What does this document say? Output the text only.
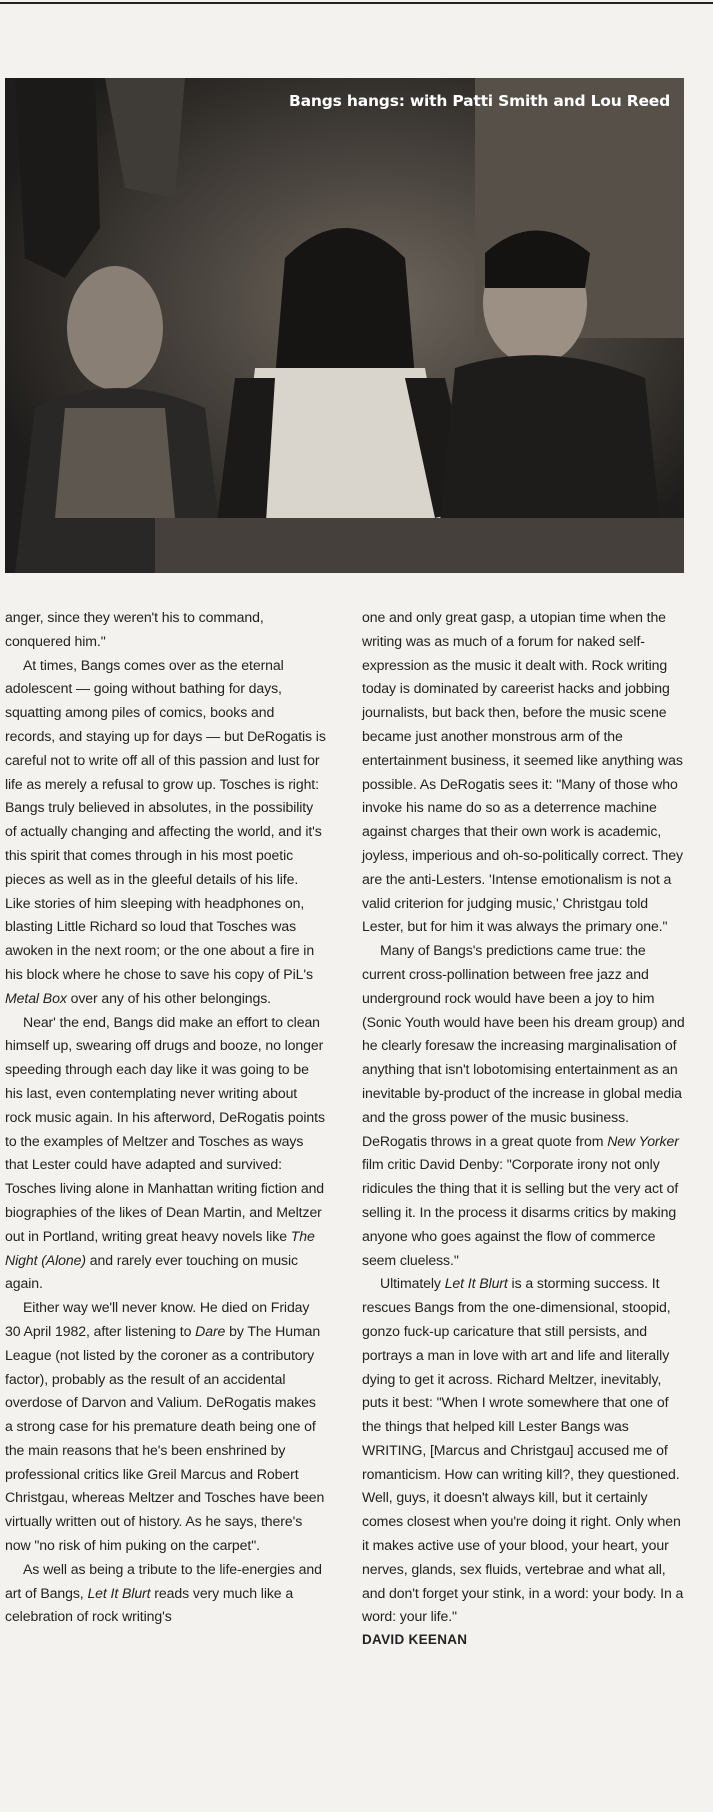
Bangs hangs: with Patti Smith and Lou Reed

anger, since they weren't his to command, conquered him."

At times, Bangs comes over as the eternal adolescent — going without bathing for days, squatting among piles of comics, books and records, and staying up for days — but DeRogatis is careful not to write off all of this passion and lust for life as merely a refusal to grow up. Tosches is right: Bangs truly believed in absolutes, in the possibility of actually changing and affecting the world, and it's this spirit that comes through in his most poetic pieces as well as in the gleeful details of his life. Like stories of him sleeping with headphones on, blasting Little Richard so loud that Tosches was awoken in the next room; or the one about a fire in his block where he chose to save his copy of PiL's Metal Box over any of his other belongings.

Near' the end, Bangs did make an effort to clean himself up, swearing off drugs and booze, no longer speeding through each day like it was going to be his last, even contemplating never writing about rock music again. In his afterword, DeRogatis points to the examples of Meltzer and Tosches as ways that Lester could have adapted and survived: Tosches living alone in Manhattan writing fiction and biographies of the likes of Dean Martin, and Meltzer out in Portland, writing great heavy novels like The Night (Alone) and rarely ever touching on music again.

Either way we'll never know. He died on Friday 30 April 1982, after listening to Dare by The Human League (not listed by the coroner as a contributory factor), probably as the result of an accidental overdose of Darvon and Valium. DeRogatis makes a strong case for his premature death being one of the main reasons that he's been enshrined by professional critics like Greil Marcus and Robert Christgau, whereas Meltzer and Tosches have been virtually written out of history. As he says, there's now "no risk of him puking on the carpet".

As well as being a tribute to the life-energies and art of Bangs, Let It Blurt reads very much like a celebration of rock writing's

one and only great gasp, a utopian time when the writing was as much of a forum for naked self-expression as the music it dealt with. Rock writing today is dominated by careerist hacks and jobbing journalists, but back then, before the music scene became just another monstrous arm of the entertainment business, it seemed like anything was possible. As DeRogatis sees it: "Many of those who invoke his name do so as a deterrence machine against charges that their own work is academic, joyless, imperious and oh-so-politically correct. They are the anti-Lesters. 'Intense emotionalism is not a valid criterion for judging music,' Christgau told Lester, but for him it was always the primary one."

Many of Bangs's predictions came true: the current cross-pollination between free jazz and underground rock would have been a joy to him (Sonic Youth would have been his dream group) and he clearly foresaw the increasing marginalisation of anything that isn't lobotomising entertainment as an inevitable by-product of the increase in global media and the gross power of the music business. DeRogatis throws in a great quote from New Yorker film critic David Denby: "Corporate irony not only ridicules the thing that it is selling but the very act of selling it. In the process it disarms critics by making anyone who goes against the flow of commerce seem clueless."

Ultimately Let It Blurt is a storming success. It rescues Bangs from the one-dimensional, stoopid, gonzo fuck-up caricature that still persists, and portrays a man in love with art and life and literally dying to get it across. Richard Meltzer, inevitably, puts it best: "When I wrote somewhere that one of the things that helped kill Lester Bangs was WRITING, [Marcus and Christgau] accused me of romanticism. How can writing kill?, they questioned. Well, guys, it doesn't always kill, but it certainly comes closest when you're doing it right. Only when it makes active use of your blood, your heart, your nerves, glands, sex fluids, vertebrae and what all, and don't forget your stink, in a word: your body. In a word: your life."

DAVID KEENAN
